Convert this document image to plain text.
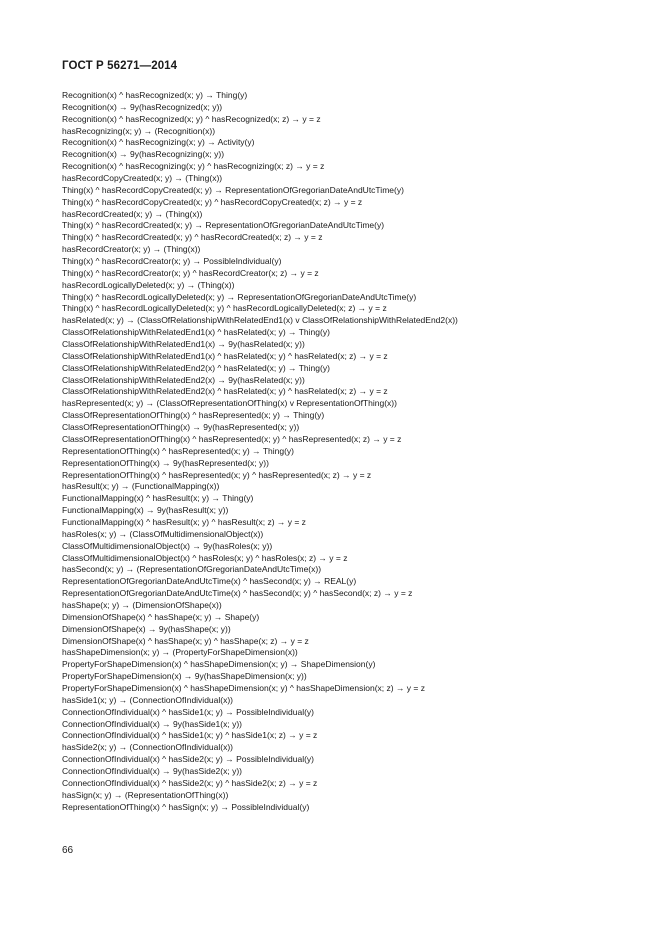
ГОСТ Р 56271—2014
Recognition(x) ^ hasRecognized(x; y) → Thing(y)
Recognition(x) → 9y(hasRecognized(x; y))
Recognition(x) ^ hasRecognized(x; y) ^ hasRecognized(x; z) → y = z
hasRecognizing(x; y) → (Recognition(x))
Recognition(x) ^ hasRecognizing(x; y) → Activity(y)
Recognition(x) → 9y(hasRecognizing(x; y))
Recognition(x) ^ hasRecognizing(x; y) ^ hasRecognizing(x; z) → y = z
hasRecordCopyCreated(x; y) → (Thing(x))
Thing(x) ^ hasRecordCopyCreated(x; y) → RepresentationOfGregorianDateAndUtcTime(y)
Thing(x) ^ hasRecordCopyCreated(x; y) ^ hasRecordCopyCreated(x; z) → y = z
hasRecordCreated(x; y) → (Thing(x))
Thing(x) ^ hasRecordCreated(x; y) → RepresentationOfGregorianDateAndUtcTime(y)
Thing(x) ^ hasRecordCreated(x; y) ^ hasRecordCreated(x; z) → y = z
hasRecordCreator(x; y) → (Thing(x))
Thing(x) ^ hasRecordCreator(x; y) → PossibleIndividual(y)
Thing(x) ^ hasRecordCreator(x; y) ^ hasRecordCreator(x; z) → y = z
hasRecordLogicallyDeleted(x; y) → (Thing(x))
Thing(x) ^ hasRecordLogicallyDeleted(x; y) → RepresentationOfGregorianDateAndUtcTime(y)
Thing(x) ^ hasRecordLogicallyDeleted(x; y) ^ hasRecordLogicallyDeleted(x; z) → y = z
hasRelated(x; y) → (ClassOfRelationshipWithRelatedEnd1(x) v ClassOfRelationshipWithRelatedEnd2(x))
ClassOfRelationshipWithRelatedEnd1(x) ^ hasRelated(x; y) → Thing(y)
ClassOfRelationshipWithRelatedEnd1(x) → 9y(hasRelated(x; y))
ClassOfRelationshipWithRelatedEnd1(x) ^ hasRelated(x; y) ^ hasRelated(x; z) → y = z
ClassOfRelationshipWithRelatedEnd2(x) ^ hasRelated(x; y) → Thing(y)
ClassOfRelationshipWithRelatedEnd2(x) → 9y(hasRelated(x; y))
ClassOfRelationshipWithRelatedEnd2(x) ^ hasRelated(x; y) ^ hasRelated(x; z) → y = z
hasRepresented(x; y) → (ClassOfRepresentationOfThing(x) v RepresentationOfThing(x))
ClassOfRepresentationOfThing(x) ^ hasRepresented(x; y) → Thing(y)
ClassOfRepresentationOfThing(x) → 9y(hasRepresented(x; y))
ClassOfRepresentationOfThing(x) ^ hasRepresented(x; y) ^ hasRepresented(x; z) → y = z
RepresentationOfThing(x) ^ hasRepresented(x; y) → Thing(y)
RepresentationOfThing(x) → 9y(hasRepresented(x; y))
RepresentationOfThing(x) ^ hasRepresented(x; y) ^ hasRepresented(x; z) → y = z
hasResult(x; y) → (FunctionalMapping(x))
FunctionalMapping(x) ^ hasResult(x; y) → Thing(y)
FunctionalMapping(x) → 9y(hasResult(x; y))
FunctionalMapping(x) ^ hasResult(x; y) ^ hasResult(x; z) → y = z
hasRoles(x; y) → (ClassOfMultidimensionalObject(x))
ClassOfMultidimensionalObject(x) → 9y(hasRoles(x; y))
ClassOfMultidimensionalObject(x) ^ hasRoles(x; y) ^ hasRoles(x; z) → y = z
hasSecond(x; y) → (RepresentationOfGregorianDateAndUtcTime(x))
RepresentationOfGregorianDateAndUtcTime(x) ^ hasSecond(x; y) → REAL(y)
RepresentationOfGregorianDateAndUtcTime(x) ^ hasSecond(x; y) ^ hasSecond(x; z) → y = z
hasShape(x; y) → (DimensionOfShape(x))
DimensionOfShape(x) ^ hasShape(x; y) → Shape(y)
DimensionOfShape(x) → 9y(hasShape(x; y))
DimensionOfShape(x) ^ hasShape(x; y) ^ hasShape(x; z) → y = z
hasShapeDimension(x; y) → (PropertyForShapeDimension(x))
PropertyForShapeDimension(x) ^ hasShapeDimension(x; y) → ShapeDimension(y)
PropertyForShapeDimension(x) → 9y(hasShapeDimension(x; y))
PropertyForShapeDimension(x) ^ hasShapeDimension(x; y) ^ hasShapeDimension(x; z) → y = z
hasSide1(x; y) → (ConnectionOfIndividual(x))
ConnectionOfIndividual(x) ^ hasSide1(x; y) → PossibleIndividual(y)
ConnectionOfIndividual(x) → 9y(hasSide1(x; y))
ConnectionOfIndividual(x) ^ hasSide1(x; y) ^ hasSide1(x; z) → y = z
hasSide2(x; y) → (ConnectionOfIndividual(x))
ConnectionOfIndividual(x) ^ hasSide2(x; y) → PossibleIndividual(y)
ConnectionOfIndividual(x) → 9y(hasSide2(x; y))
ConnectionOfIndividual(x) ^ hasSide2(x; y) ^ hasSide2(x; z) → y = z
hasSign(x; y) → (RepresentationOfThing(x))
RepresentationOfThing(x) ^ hasSign(x; y) → PossibleIndividual(y)
66
